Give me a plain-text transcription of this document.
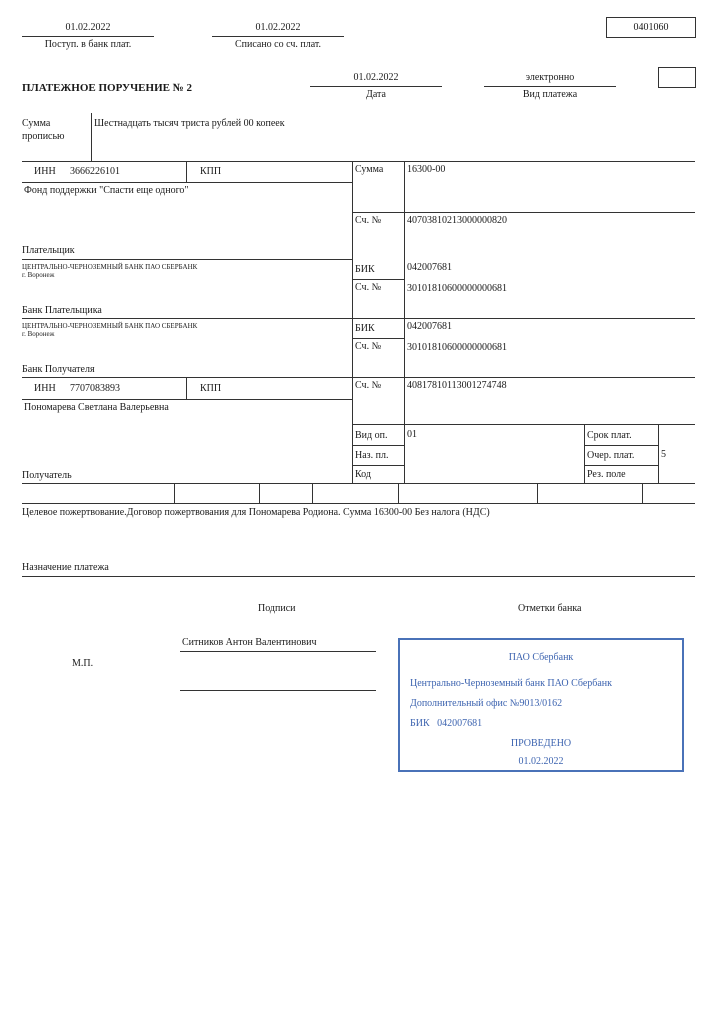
01.02.2022
Поступ. в банк плат.
01.02.2022
Списано со сч. плат.
0401060
ПЛАТЕЖНОЕ ПОРУЧЕНИЕ № 2
01.02.2022
Дата
электронно
Вид платежа
Сумма
прописью
Шестнадцать тысяч триста рублей 00 копеек
ИНН 3666226101	КПП
Фонд поддержки "Спасти еще одного"
Плательщик
Сумма 16300-00
Сч. №	40703810213000000820
ЦЕНТРАЛЬНО-ЧЕРНОЗЕМНЫЙ БАНК ПАО СБЕРБАНК
г. Воронеж
Банк Плательщика
БИК	042007681
Сч. №	30101810600000000681
ЦЕНТРАЛЬНО-ЧЕРНОЗЕМНЫЙ БАНК ПАО СБЕРБАНК
г. Воронеж
Банк Получателя
БИК	042007681
Сч. №	30101810600000000681
ИНН 7707083893	КПП
Пономарева Светлана Валерьевна
Получатель
Сч. №	40817810113001274748
Вид оп. 01
Наз. пл.
Код
Срок плат.
Очер. плат.	5
Рез. поле
Целевое пожертвование.Договор пожертвования для Пономарева Родиона. Сумма 16300-00 Без налога (НДС)
Назначение платежа
Подписи	Отметки банка
Ситников Антон Валентинович
М.П.
ПАО Сбербанк
Центрально-Черноземный банк ПАО Сбербанк
Дополнительный офис №9013/0162
БИК 042007681
ПРОВЕДЕНО
01.02.2022
